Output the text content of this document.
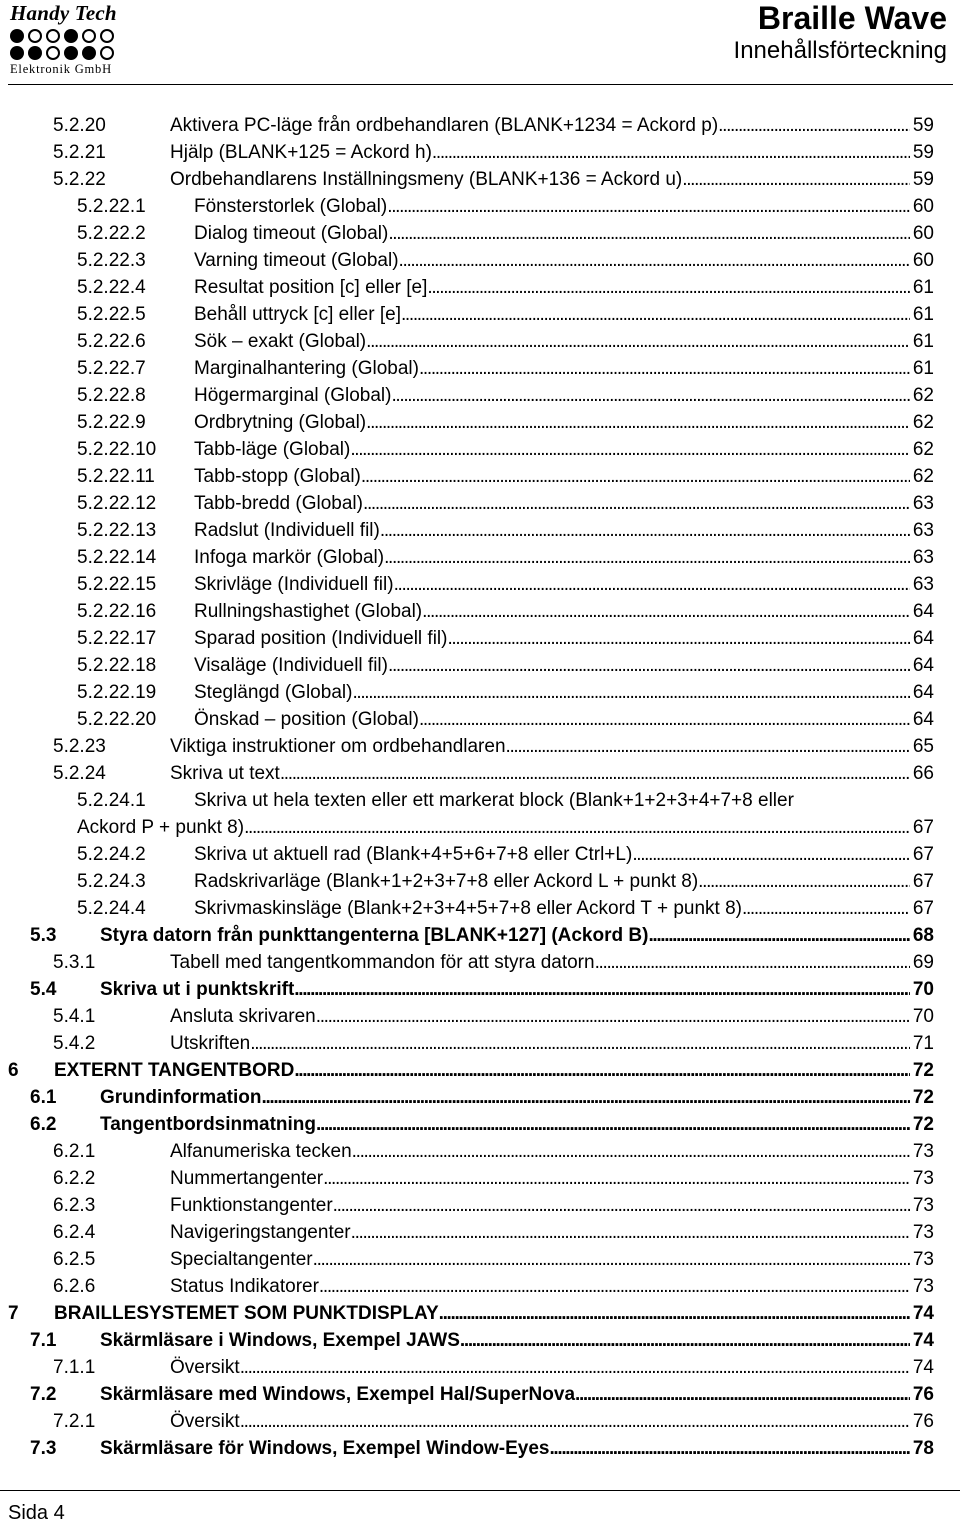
Handy Tech
Elektronik GmbH
Braille Wave
Innehållsförteckning
5.2.20	Aktivera PC-läge från ordbehandlaren (BLANK+1234 = Ackord p) . . .	59
5.2.21	Hjälp (BLANK+125 = Ackord h) . . .	59
5.2.22	Ordbehandlarens Inställningsmeny (BLANK+136 = Ackord u) . . .	59
5.2.22.1	Fönsterstorlek (Global) . . .	60
5.2.22.2	Dialog timeout (Global) . . .	60
5.2.22.3	Varning timeout (Global) . . .	60
5.2.22.4	Resultat position [c] eller [e] . . .	61
5.2.22.5	Behåll uttryck [c] eller [e] . . .	61
5.2.22.6	Sök – exakt (Global) . . .	61
5.2.22.7	Marginalhantering (Global) . . .	61
5.2.22.8	Högermarginal (Global) . . .	62
5.2.22.9	Ordbrytning (Global) . . .	62
5.2.22.10 Tabb-läge (Global) . . .	62
5.2.22.11 Tabb-stopp (Global) . . .	62
5.2.22.12 Tabb-bredd (Global) . . .	63
5.2.22.13 Radslut (Individuell fil) . . .	63
5.2.22.14 Infoga markör (Global) . . .	63
5.2.22.15 Skrivläge (Individuell fil) . . .	63
5.2.22.16 Rullningshastighet (Global) . . .	64
5.2.22.17 Sparad position (Individuell fil) . . .	64
5.2.22.18 Visaläge (Individuell fil) . . .	64
5.2.22.19 Steglängd (Global) . . .	64
5.2.22.20 Önskad – position (Global) . . .	64
5.2.23	Viktiga instruktioner om ordbehandlaren . . .	65
5.2.24	Skriva ut text . . .	66
5.2.24.1	Skriva ut hela texten eller ett markerat block (Blank+1+2+3+4+7+8 eller
Ackord P + punkt 8) . . .	67
5.2.24.2	Skriva ut aktuell rad (Blank+4+5+6+7+8 eller Ctrl+L) . . .	67
5.2.24.3	Radskrivarläge (Blank+1+2+3+7+8 eller Ackord L + punkt 8) . . .	67
5.2.24.4	Skrivmaskinsläge (Blank+2+3+4+5+7+8 eller Ackord T + punkt 8) . . .	67
5.3 Styra datorn från punkttangenterna [BLANK+127] (Ackord B) . . .	68
5.3.1	Tabell med tangentkommandon för att styra datorn . . .	69
5.4 Skriva ut i punktskrift . . .	70
5.4.1	Ansluta skrivaren . . .	70
5.4.2	Utskriften . . .	71
6 EXTERNT TANGENTBORD . . .	72
6.1 Grundinformation . . .	72
6.2 Tangentbordsinmatning . . .	72
6.2.1	Alfanumeriska tecken . . .	73
6.2.2	Nummertangenter . . .	73
6.2.3	Funktionstangenter . . .	73
6.2.4	Navigeringstangenter . . .	73
6.2.5	Specialtangenter . . .	73
6.2.6	Status Indikatorer . . .	73
7 BRAILLESYSTEMET SOM PUNKTDISPLAY . . .	74
7.1 Skärmläsare i Windows, Exempel JAWS . . .	74
7.1.1	Översikt . . .	74
7.2 Skärmläsare med Windows, Exempel Hal/SuperNova . . .	76
7.2.1	Översikt . . .	76
7.3 Skärmläsare för Windows, Exempel Window-Eyes . . .	78
Sida 4
